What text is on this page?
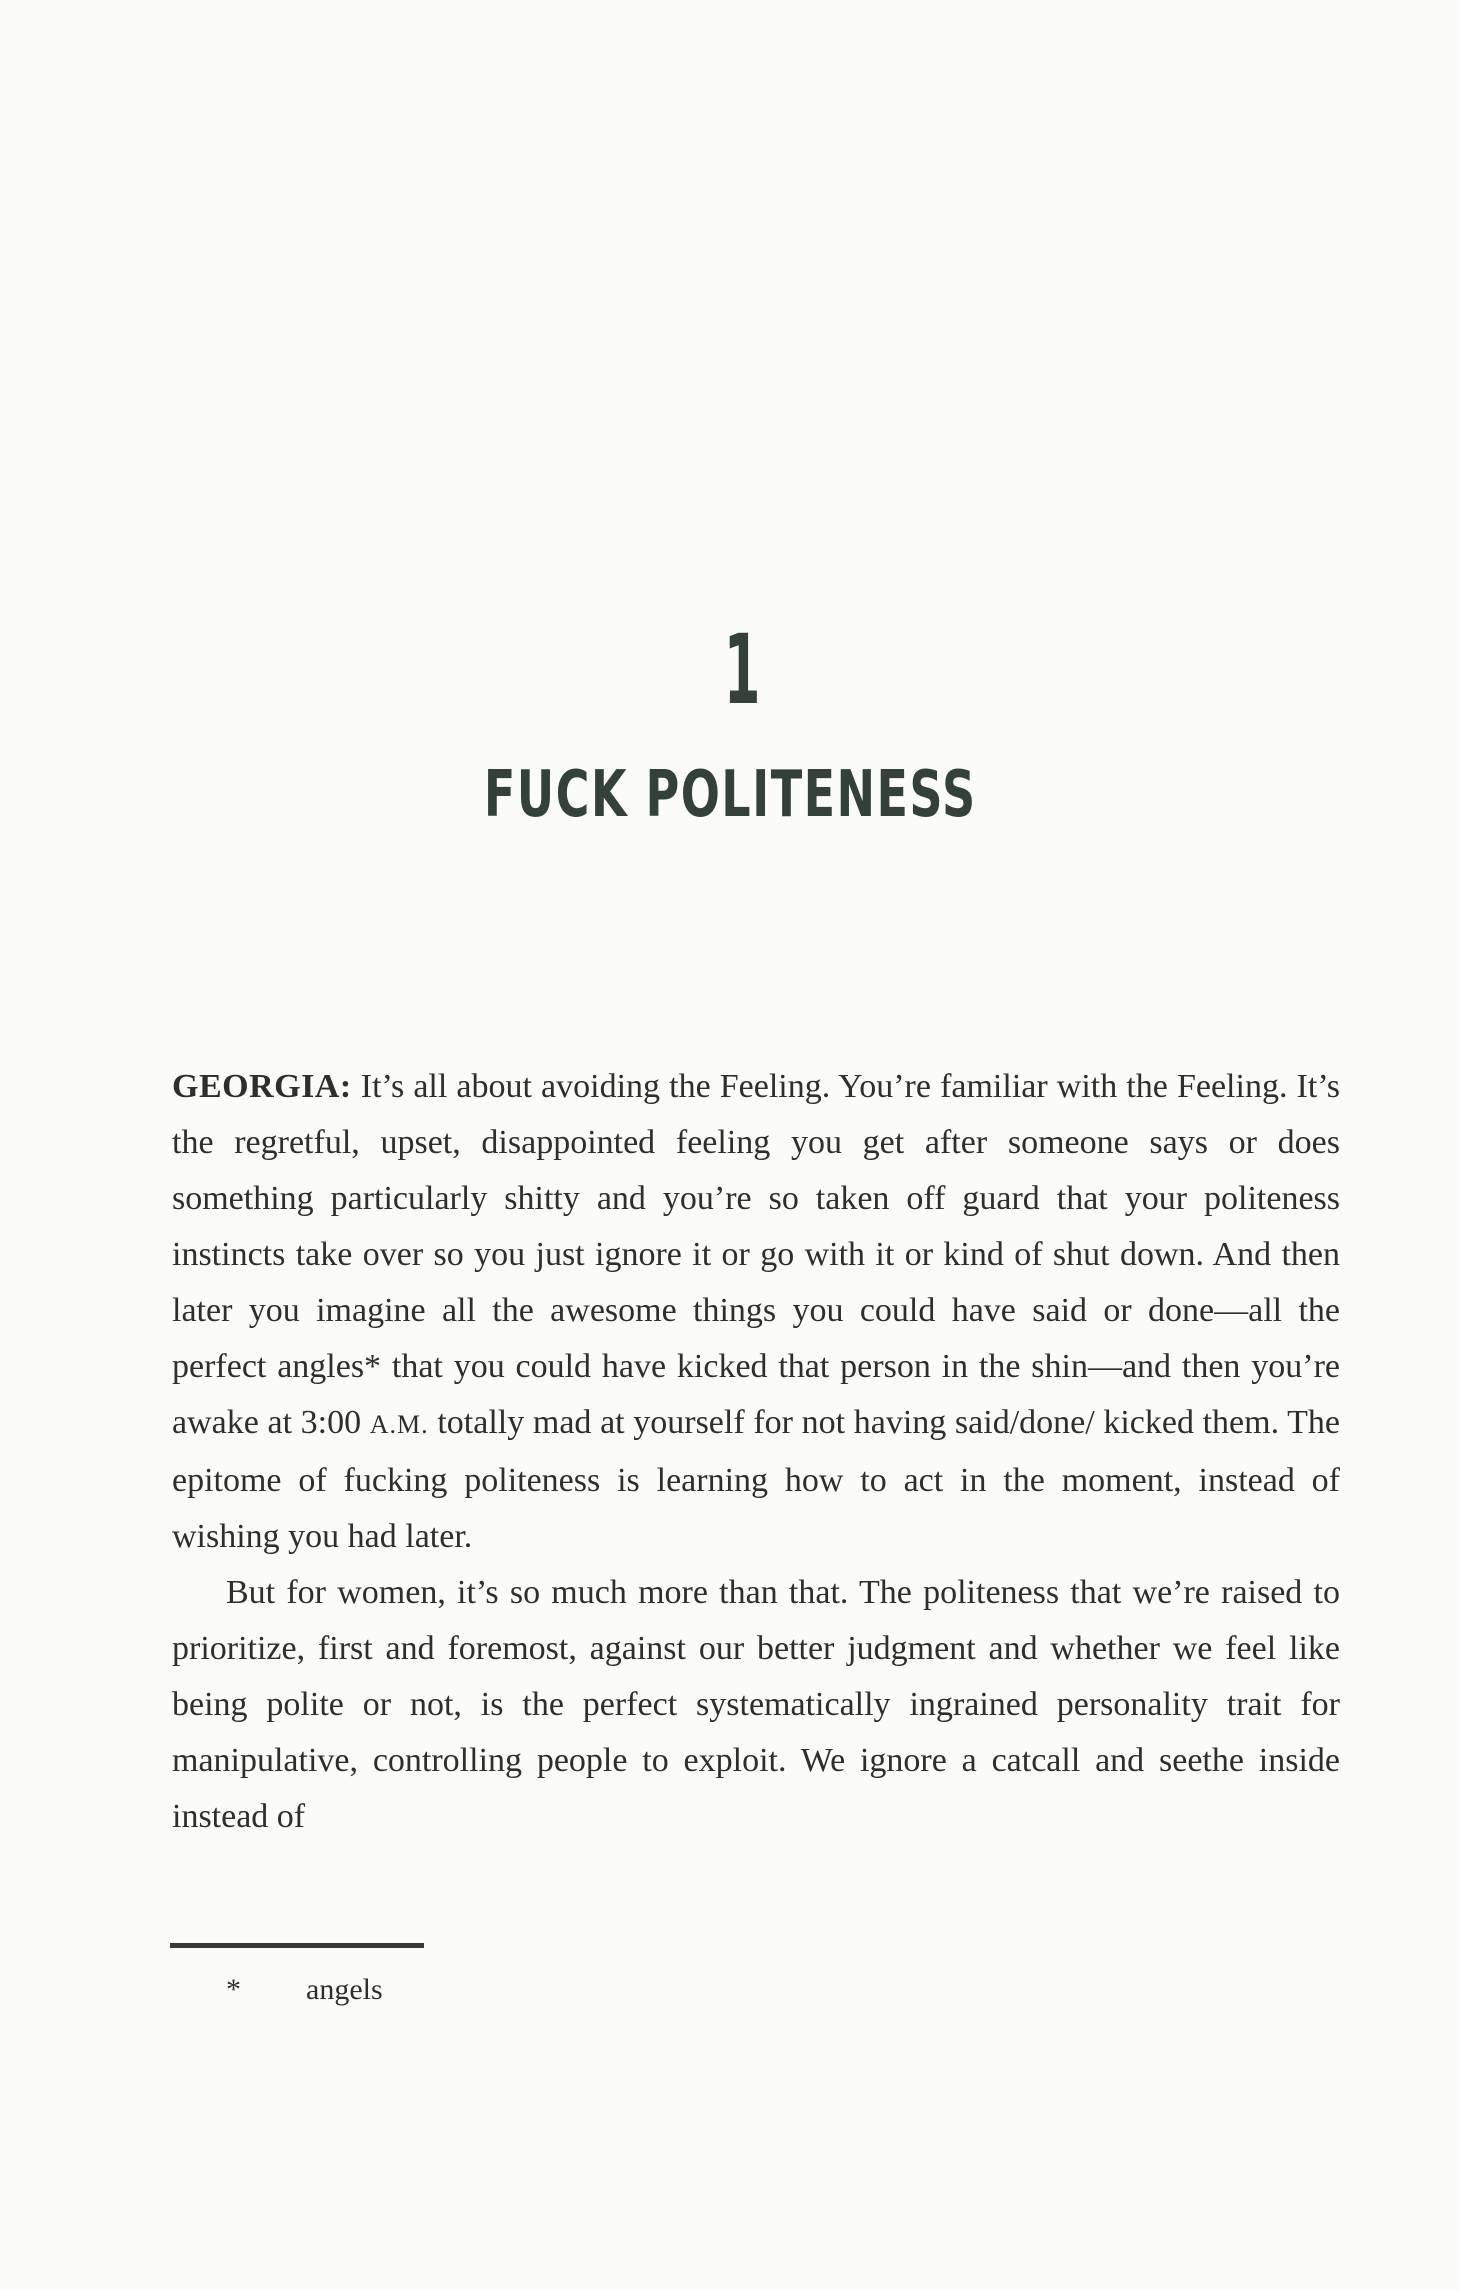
1
FUCK POLITENESS

GEORGIA: It’s all about avoiding the Feeling. You’re familiar with the Feeling. It’s the regretful, upset, disappointed feeling you get after someone says or does something particularly shitty and you’re so taken off guard that your politeness instincts take over so you just ignore it or go with it or kind of shut down. And then later you imagine all the awesome things you could have said or done—all the perfect angles* that you could have kicked that person in the shin—and then you’re awake at 3:00 A.M. totally mad at yourself for not having said/done/ kicked them. The epitome of fucking politeness is learning how to act in the moment, instead of wishing you had later.

But for women, it’s so much more than that. The politeness that we’re raised to prioritize, first and foremost, against our better judgment and whether we feel like being polite or not, is the perfect systematically ingrained personality trait for manipulative, controlling people to exploit. We ignore a catcall and seethe inside instead of

* angels
